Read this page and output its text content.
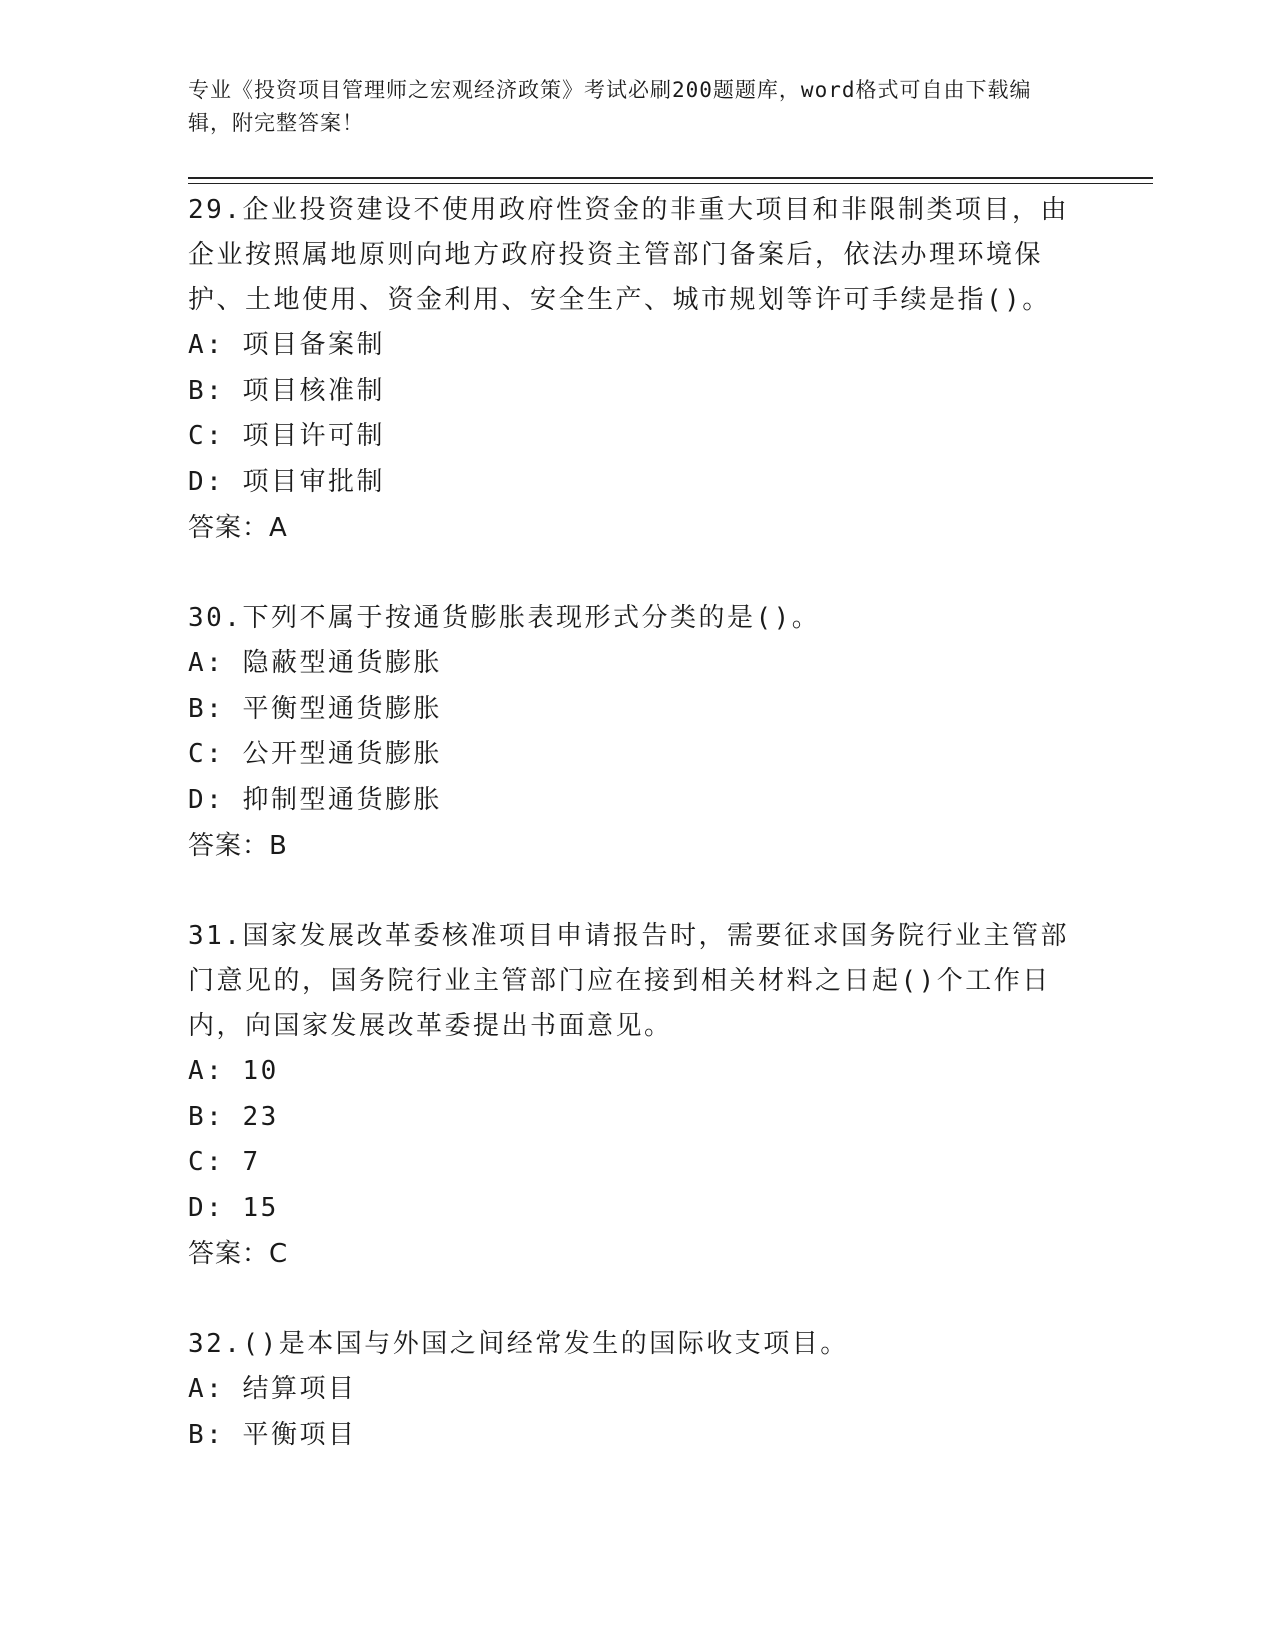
专业《投资项目管理师之宏观经济政策》考试必刷200题题库，word格式可自由下载编辑，附完整答案！

29.企业投资建设不使用政府性资金的非重大项目和非限制类项目，由企业按照属地原则向地方政府投资主管部门备案后，依法办理环境保护、土地使用、资金利用、安全生产、城市规划等许可手续是指()。

A: 项目备案制

B: 项目核准制

C: 项目许可制

D: 项目审批制

答案：A

30.下列不属于按通货膨胀表现形式分类的是()。

A: 隐蔽型通货膨胀

B: 平衡型通货膨胀

C: 公开型通货膨胀

D: 抑制型通货膨胀

答案：B

31.国家发展改革委核准项目申请报告时，需要征求国务院行业主管部门意见的，国务院行业主管部门应在接到相关材料之日起()个工作日内，向国家发展改革委提出书面意见。

A: 10

B: 23

C: 7

D: 15

答案：C

32.()是本国与外国之间经常发生的国际收支项目。

A: 结算项目

B: 平衡项目
